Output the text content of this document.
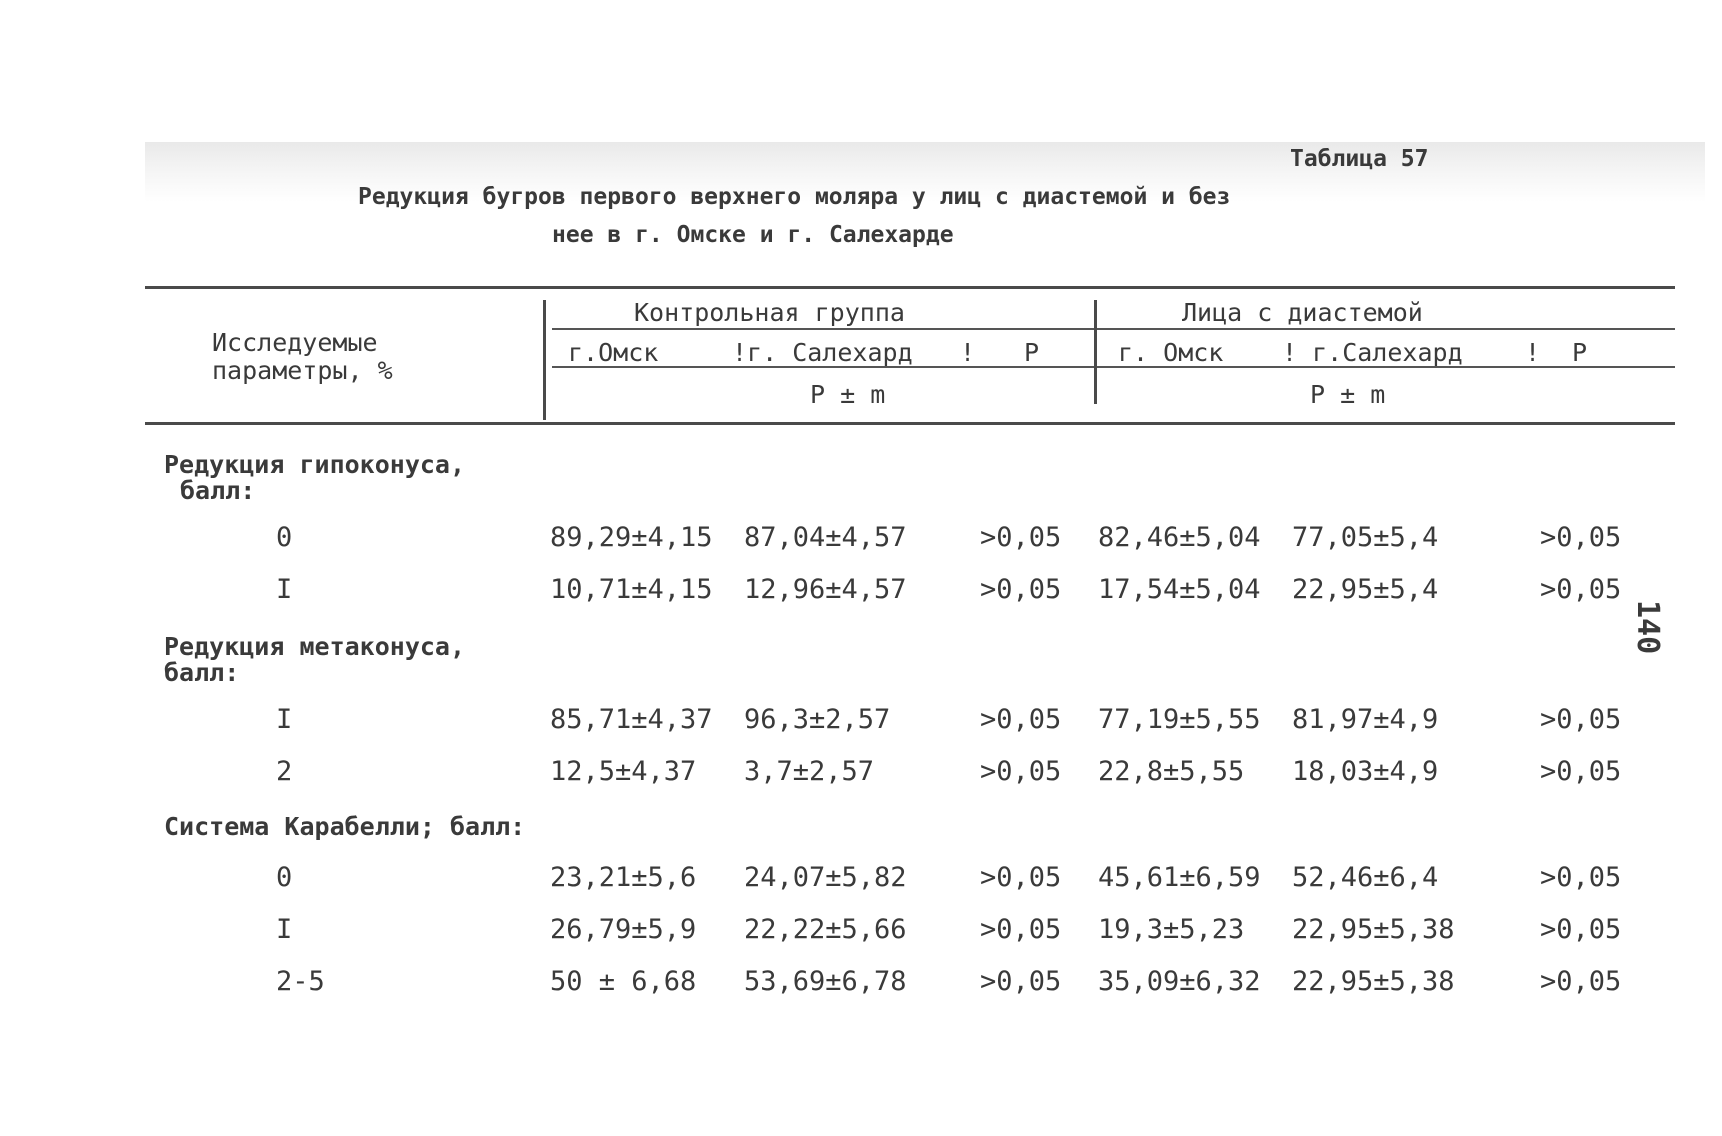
Таблица 57
Редукция бугров первого верхнего моляра у лиц с диастемой и без
нее в г. Омске и г. Салехарде
Исследуемые
параметры, %
Контрольная группа	Лица с диастемой
г.Омск	!г. Салехард ! Р	г. Омск ! г.Салехард ! Р
Р ± m	Р ± m
Редукция гипоконуса,
балл:
0	89,29±4,15 87,04±4,57	>0,05 82,46±5,04 77,05±5,4	>0,05
I	10,71±4,15 12,96±4,57	>0,05 17,54±5,04 22,95±5,4	>0,05
Редукция метаконуса,
балл:
I	85,71±4,37 96,3±2,57	>0,05 77,19±5,55 81,97±4,9	>0,05
2	12,5±4,37 3,7±2,57	>0,05 22,8±5,55 18,03±4,9	>0,05
Система Карабелли; балл:
0	23,21±5,6 24,07±5,82	>0,05 45,61±6,59 52,46±6,4	>0,05
I	26,79±5,9 22,22±5,66	>0,05 19,3±5,23 22,95±5,38	>0,05
2-5	50 ± 6,68 53,69±6,78	>0,05 35,09±6,32 22,95±5,38	>0,05
140
